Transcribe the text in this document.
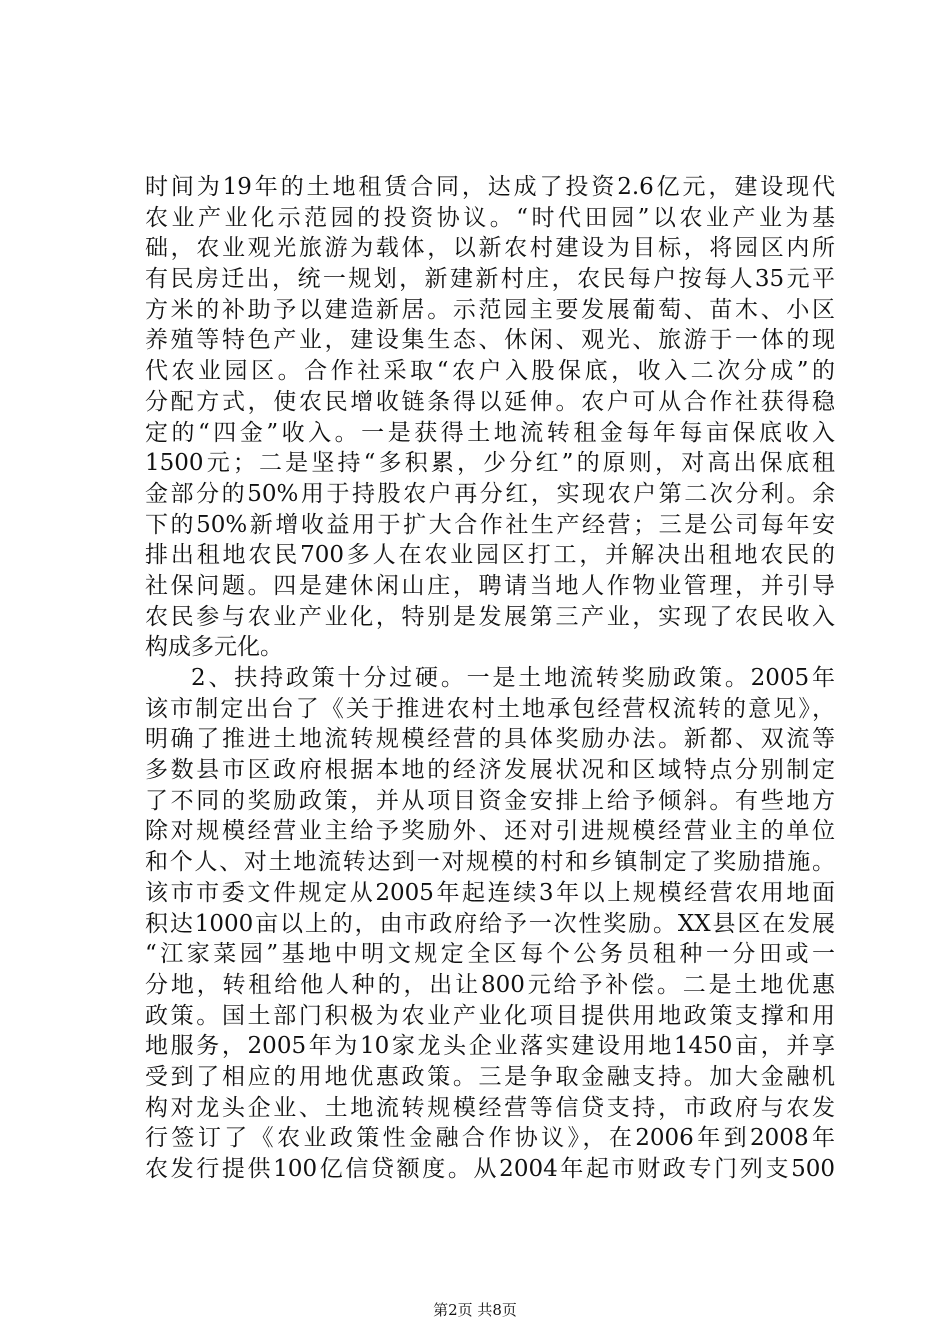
时间为19年的土地租赁合同，达成了投资2.6亿元，建设现代
农业产业化示范园的投资协议。“时代田园”以农业产业为基
础，农业观光旅游为载体，以新农村建设为目标，将园区内所
有民房迁出，统一规划，新建新村庄，农民每户按每人35元平
方米的补助予以建造新居。示范园主要发展葡萄、苗木、小区
养殖等特色产业，建设集生态、休闲、观光、旅游于一体的现
代农业园区。合作社采取“农户入股保底，收入二次分成”的
分配方式，使农民增收链条得以延伸。农户可从合作社获得稳
定的“四金”收入。一是获得土地流转租金每年每亩保底收入
1500元；二是坚持“多积累，少分红”的原则，对高出保底租
金部分的50%用于持股农户再分红，实现农户第二次分利。余
下的50%新增收益用于扩大合作社生产经营；三是公司每年安
排出租地农民700多人在农业园区打工，并解决出租地农民的
社保问题。四是建休闲山庄，聘请当地人作物业管理，并引导
农民参与农业产业化，特别是发展第三产业，实现了农民收入
构成多元化。
2、扶持政策十分过硬。一是土地流转奖励政策。2005年
该市制定出台了《关于推进农村土地承包经营权流转的意见》，
明确了推进土地流转规模经营的具体奖励办法。新都、双流等
多数县市区政府根据本地的经济发展状况和区域特点分别制定
了不同的奖励政策，并从项目资金安排上给予倾斜。有些地方
除对规模经营业主给予奖励外、还对引进规模经营业主的单位
和个人、对土地流转达到一对规模的村和乡镇制定了奖励措施。
该市市委文件规定从2005年起连续3年以上规模经营农用地面
积达1000亩以上的，由市政府给予一次性奖励。XX县区在发展
“江家菜园”基地中明文规定全区每个公务员租种一分田或一
分地，转租给他人种的，出让800元给予补偿。二是土地优惠
政策。国土部门积极为农业产业化项目提供用地政策支撑和用
地服务，2005年为10家龙头企业落实建设用地1450亩，并享
受到了相应的用地优惠政策。三是争取金融支持。加大金融机
构对龙头企业、土地流转规模经营等信贷支持，市政府与农发
行签订了《农业政策性金融合作协议》，在2006年到2008年
农发行提供100亿信贷额度。从2004年起市财政专门列支500
第2页 共8页
